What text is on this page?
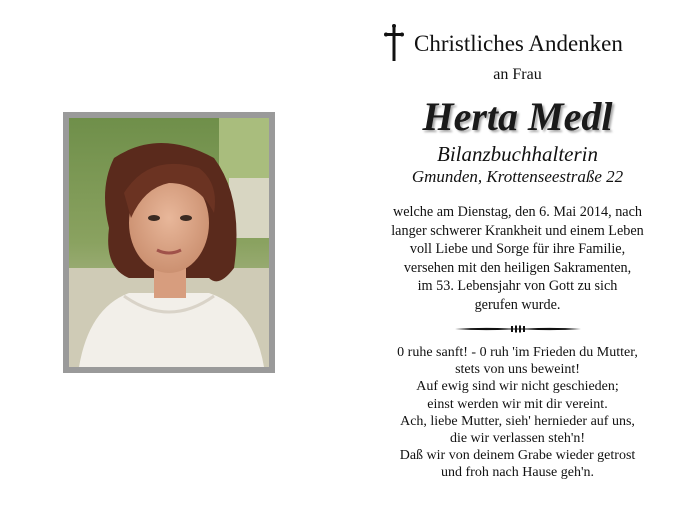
Christliches Andenken
an Frau
Herta Medl
Bilanzbuchhalterin
Gmunden, Krottenseestraße 22
welche am Dienstag, den 6. Mai 2014, nach
langer schwerer Krankheit und einem Leben
voll Liebe und Sorge für ihre Familie,
versehen mit den heiligen Sakramenten,
im 53. Lebensjahr von Gott zu sich
gerufen wurde.
0 ruhe sanft! - 0 ruh 'im Frieden du Mutter,
stets von uns beweint!
Auf ewig sind wir nicht geschieden;
einst werden wir mit dir vereint.
Ach, liebe Mutter, sieh' hernieder auf uns,
die wir verlassen steh'n!
Daß wir von deinem Grabe wieder getrost
und froh nach Hause geh'n.
